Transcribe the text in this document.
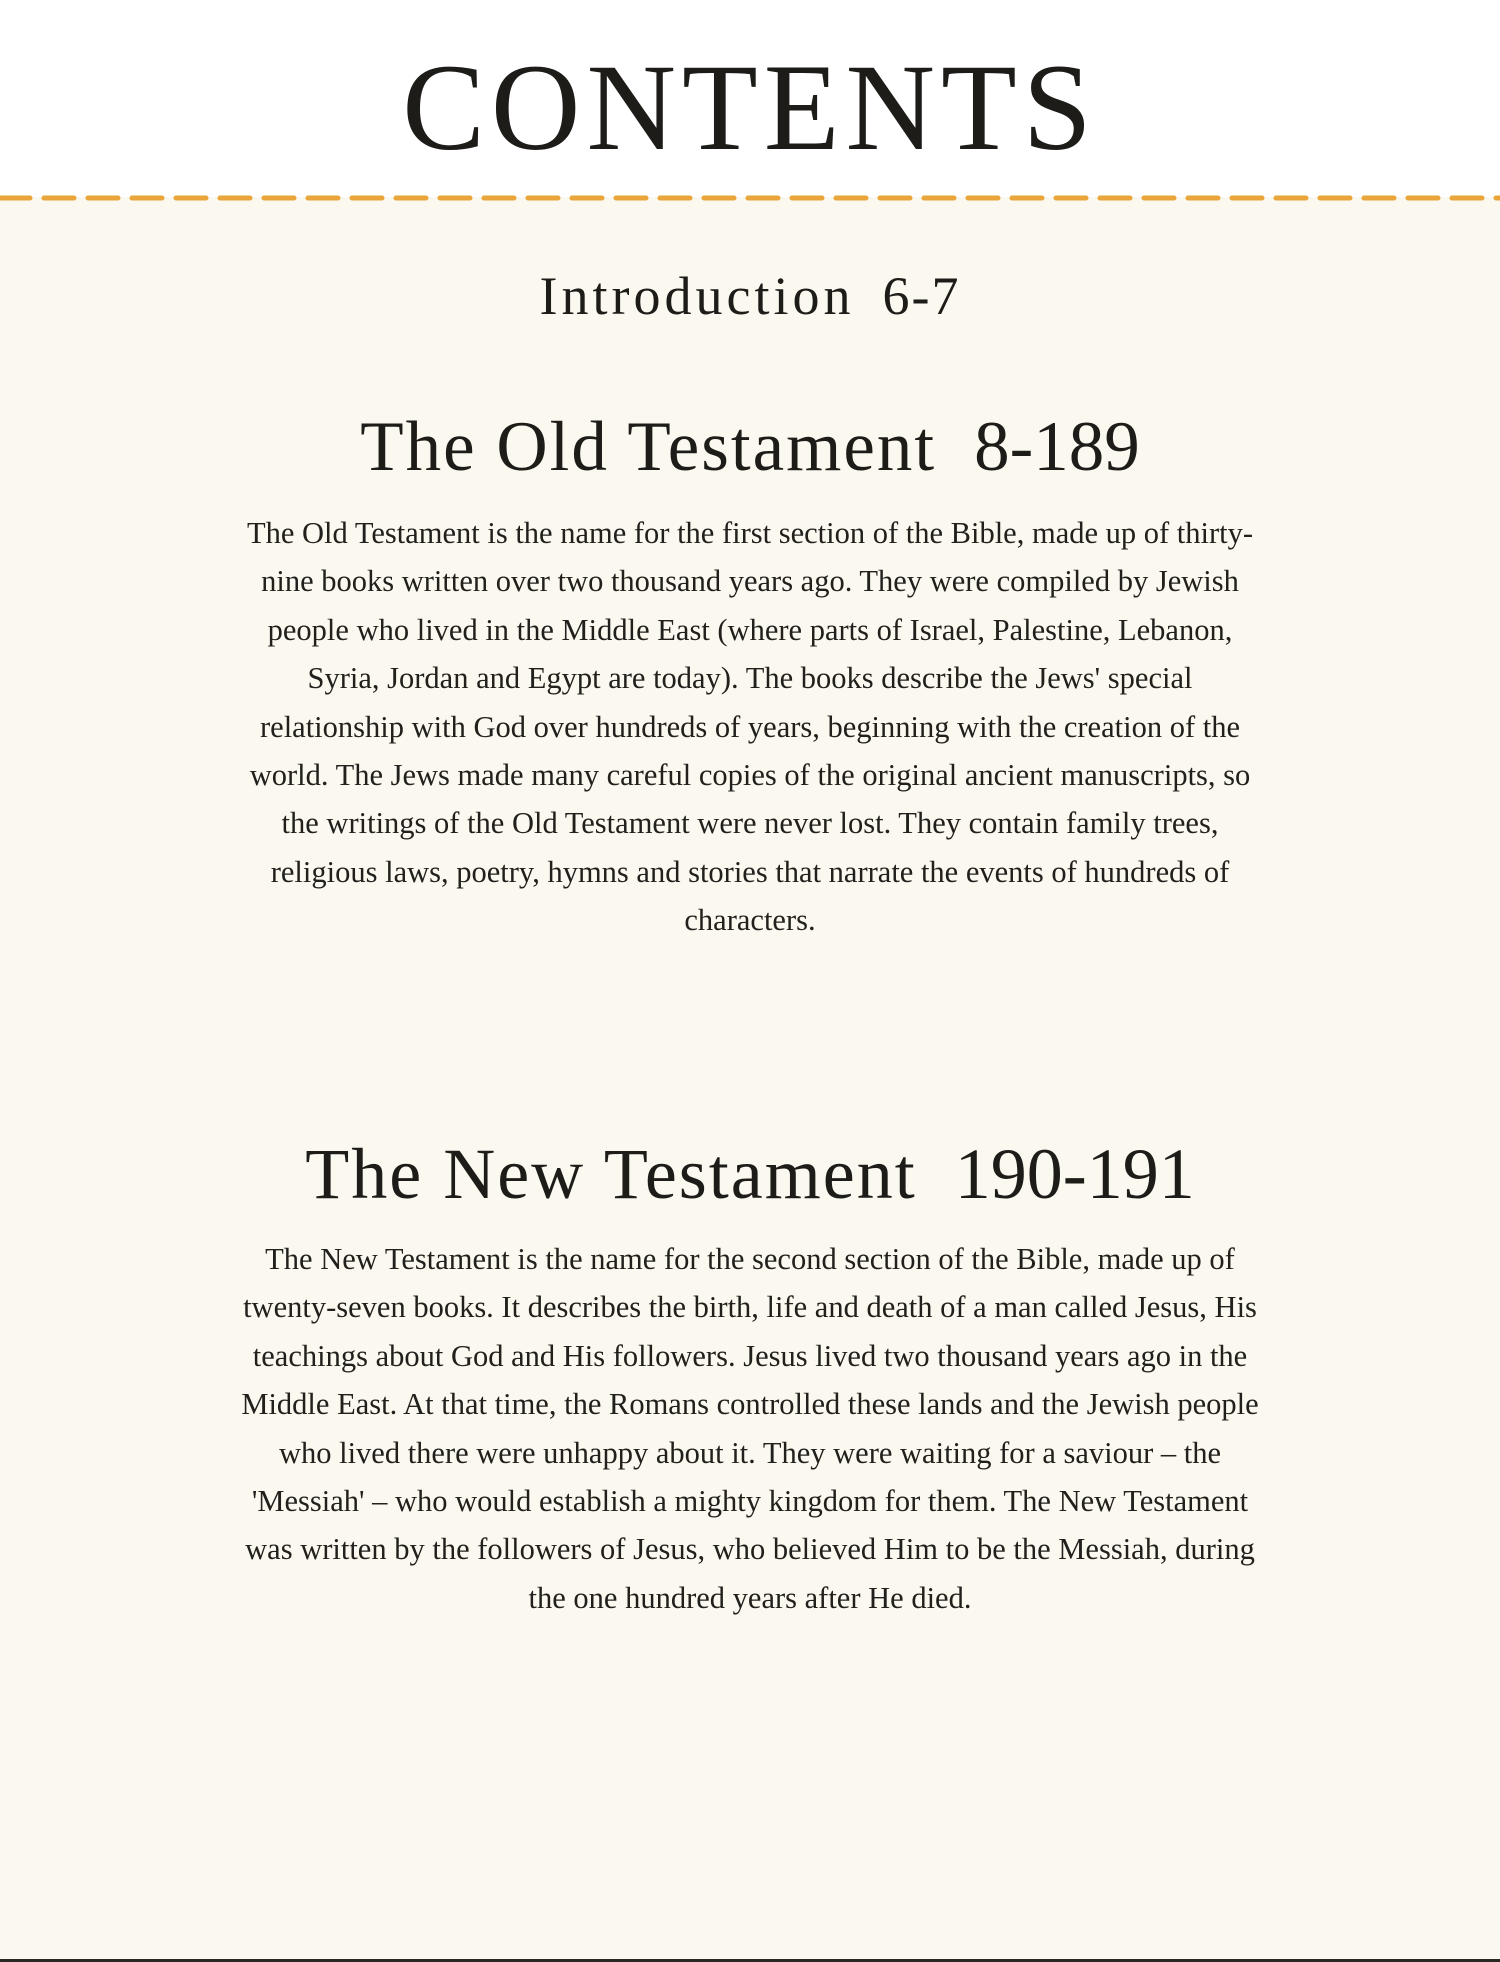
CONTENTS
Introduction 6-7
The Old Testament 8-189

The Old Testament is the name for the first section of the Bible, made up of thirty-nine books written over two thousand years ago. They were compiled by Jewish people who lived in the Middle East (where parts of Israel, Palestine, Lebanon, Syria, Jordan and Egypt are today). The books describe the Jews' special relationship with God over hundreds of years, beginning with the creation of the world. The Jews made many careful copies of the original ancient manuscripts, so the writings of the Old Testament were never lost. They contain family trees, religious laws, poetry, hymns and stories that narrate the events of hundreds of characters.

The New Testament 190-191

The New Testament is the name for the second section of the Bible, made up of twenty-seven books. It describes the birth, life and death of a man called Jesus, His teachings about God and His followers. Jesus lived two thousand years ago in the Middle East. At that time, the Romans controlled these lands and the Jewish people who lived there were unhappy about it. They were waiting for a saviour – the 'Messiah' – who would establish a mighty kingdom for them. The New Testament was written by the followers of Jesus, who believed Him to be the Messiah, during the one hundred years after He died.
